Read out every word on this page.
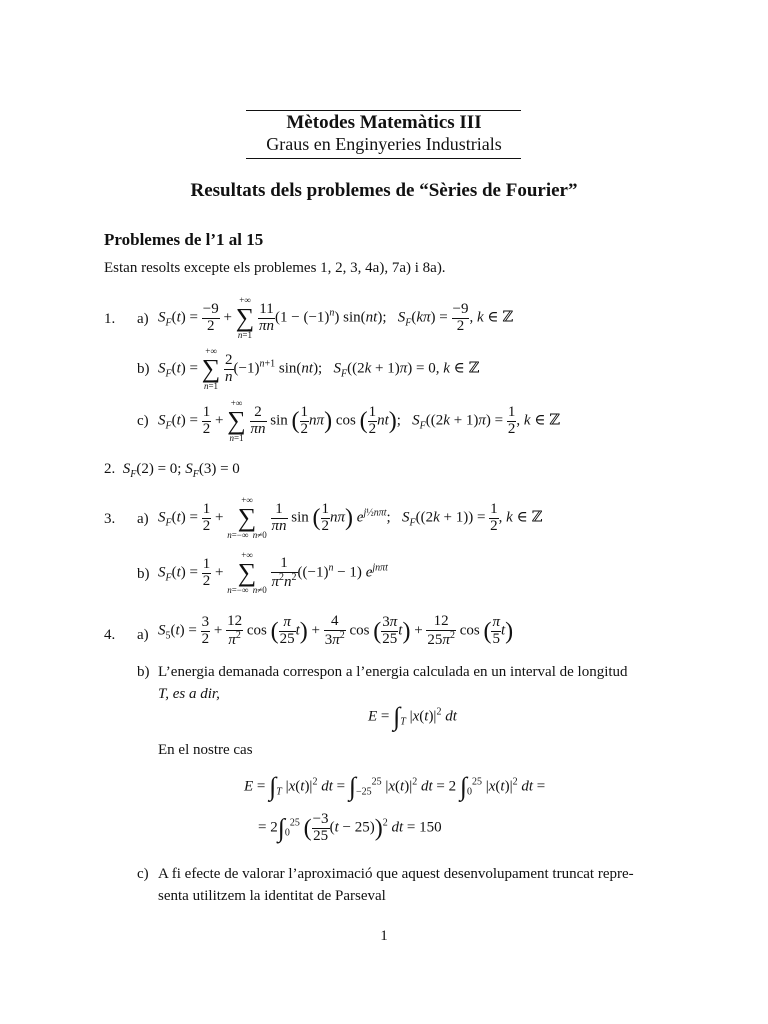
Mètodes Matemàtics III
Graus en Enginyeries Industrials
Resultats dels problemes de “Sèries de Fourier”
Problemes de l’1 al 15
Estan resolts excepte els problemes 1, 2, 3, 4a), 7a) i 8a).
1. a) $S_F(t) = \frac{-9}{2}$ +
+∞
∑
n=1

$\frac{11}{\pi n} (1 - (-1)^n)$ sin(nt);   $S_F(k\pi) = \frac{-9}{2}$ , k ∈ ℤ
b) $S_F(t)$ =
+∞
∑
n=1

$\frac{2}{n} (-1)^{n+1}$ sin(nt);   $S_F((2k + 1)\pi) = 0$, k ∈ ℤ
c) $S_F(t) = \frac{1}{2}$ +
+∞
∑
n=1

$\frac{2}{\pi n}$ sin ( $\frac{1}{2} n\pi$) cos ( $\frac{1}{2} nt$);   $S_F((2k + 1)\pi) = \frac{1}{2}$ , k ∈ ℤ
2.  $S_F(2) = 0$; $S_F(3) = 0$
3. a) $S_F(t) = \frac{1}{2}$ +
+∞
∑
n=−∞  n≠0

$\frac{1}{\pi n}$ sin ( $\frac{1}{2} n\pi$) $e^{j\frac{1}{2}n\pi t}$;   $S_F((2k + 1)) = \frac{1}{2}$ , k ∈ ℤ
b) $S_F(t) = \frac{1}{2}$ +
+∞
∑
n=−∞  n≠0
$\frac{1}{\pi^2n^2} ((-1)^n - 1)$ $e^{jn\pi t}$
4. a) $S_5(t) = \frac{3}{2} + \frac{12}{\pi^2}$ cos ( $\frac{\pi}{25} t) + \frac{4}{3\pi^2}$ cos ( $\frac{3\pi}{25} t) + \frac{12}{25\pi^2}$ cos ( $\frac{\pi}{5} t$)
b) L’energia demanada correspon a l’energia calculada en un interval de longitud
T, es a dir,
$E = \int_T$ $|x(t)|^2$ dt
En el nostre cas
$E = \int_T$ $|x(t)|^2$ dt = $\int_{-25}^{25}$ $|x(t)|^2$ dt = 2 $\int_0^{25}$ $|x(t)|^2$ dt =
= $2\int_0^{25}$ ( $\frac{-3}{25} (t - 25))^2$ dt = 150
c) A fi efecte de valorar l’aproximació que aquest desenvolupament truncat repre-
senta utilitzem la identitat de Parseval
1
